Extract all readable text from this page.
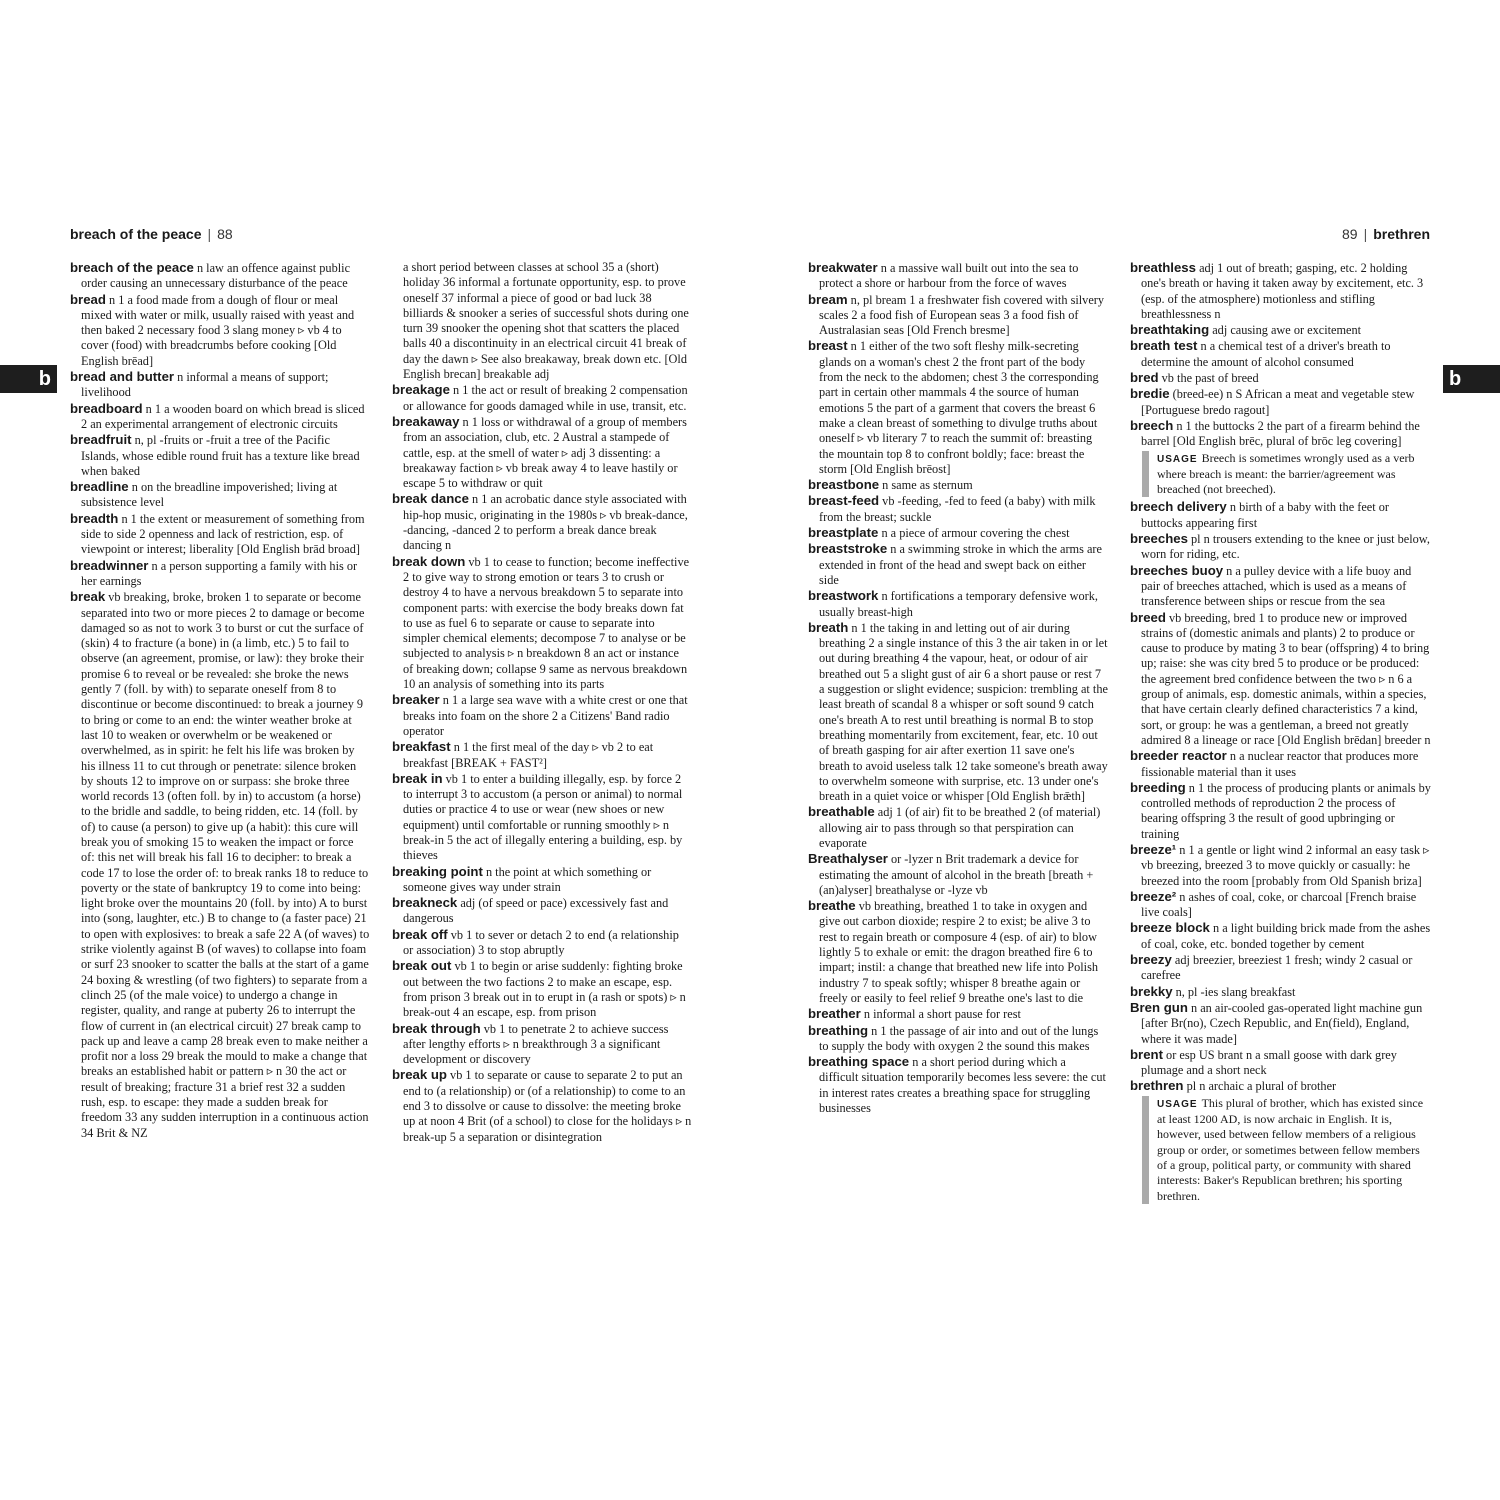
breach of the peace | 88	89 | brethren
b	b

breach of the peace n law an offence against public order causing an unnecessary disturbance of the peace

bread n 1 a food made from a dough of flour or meal mixed with water or milk, usually raised with yeast and then baked 2 necessary food 3 slang money ▹ vb 4 to cover (food) with breadcrumbs before cooking [Old English brēad]

bread and butter n informal a means of support; livelihood

breadboard n 1 a wooden board on which bread is sliced 2 an experimental arrangement of electronic circuits

breadfruit n, pl -fruits or -fruit a tree of the Pacific Islands, whose edible round fruit has a texture like bread when baked

breadline n on the breadline impoverished; living at subsistence level

breadth n 1 the extent or measurement of something from side to side 2 openness and lack of restriction, esp. of viewpoint or interest; liberality [Old English brād broad]

breadwinner n a person supporting a family with his or her earnings

break vb breaking, broke, broken 1 to separate or become separated into two or more pieces 2 to damage or become damaged so as not to work 3 to burst or cut the surface of (skin) 4 to fracture (a bone) in (a limb, etc.) 5 to fail to observe (an agreement, promise, or law): they broke their promise 6 to reveal or be revealed: she broke the news gently 7 (foll. by with) to separate oneself from 8 to discontinue or become discontinued: to break a journey 9 to bring or come to an end: the winter weather broke at last 10 to weaken or overwhelm or be weakened or overwhelmed, as in spirit: he felt his life was broken by his illness 11 to cut through or penetrate: silence broken by shouts 12 to improve on or surpass: she broke three world records 13 (often foll. by in) to accustom (a horse) to the bridle and saddle, to being ridden, etc. 14 (foll. by of) to cause (a person) to give up (a habit): this cure will break you of smoking 15 to weaken the impact or force of: this net will break his fall 16 to decipher: to break a code 17 to lose the order of: to break ranks 18 to reduce to poverty or the state of bankruptcy 19 to come into being: light broke over the mountains 20 (foll. by into) A to burst into (song, laughter, etc.) B to change to (a faster pace) 21 to open with explosives: to break a safe 22 A (of waves) to strike violently against B (of waves) to collapse into foam or surf 23 snooker to scatter the balls at the start of a game 24 boxing & wrestling (of two fighters) to separate from a clinch 25 (of the male voice) to undergo a change in register, quality, and range at puberty 26 to interrupt the flow of current in (an electrical circuit) 27 break camp to pack up and leave a camp 28 break even to make neither a profit nor a loss 29 break the mould to make a change that breaks an established habit or pattern ▹ n 30 the act or result of breaking; fracture 31 a brief rest 32 a sudden rush, esp. to escape: they made a sudden break for freedom 33 any sudden interruption in a continuous action 34 Brit & NZ

a short period between classes at school 35 a (short) holiday 36 informal a fortunate opportunity, esp. to prove oneself 37 informal a piece of good or bad luck 38 billiards & snooker a series of successful shots during one turn 39 snooker the opening shot that scatters the placed balls 40 a discontinuity in an electrical circuit 41 break of day the dawn ▹ See also breakaway, break down etc. [Old English brecan] breakable adj

breakage n 1 the act or result of breaking 2 compensation or allowance for goods damaged while in use, transit, etc.

breakaway n 1 loss or withdrawal of a group of members from an association, club, etc. 2 Austral a stampede of cattle, esp. at the smell of water ▹ adj 3 dissenting: a breakaway faction ▹ vb break away 4 to leave hastily or escape 5 to withdraw or quit

break dance n 1 an acrobatic dance style associated with hip-hop music, originating in the 1980s ▹ vb break-dance, -dancing, -danced 2 to perform a break dance break dancing n

break down vb 1 to cease to function; become ineffective 2 to give way to strong emotion or tears 3 to crush or destroy 4 to have a nervous breakdown 5 to separate into component parts: with exercise the body breaks down fat to use as fuel 6 to separate or cause to separate into simpler chemical elements; decompose 7 to analyse or be subjected to analysis ▹ n breakdown 8 an act or instance of breaking down; collapse 9 same as nervous breakdown 10 an analysis of something into its parts

breaker n 1 a large sea wave with a white crest or one that breaks into foam on the shore 2 a Citizens' Band radio operator

breakfast n 1 the first meal of the day ▹ vb 2 to eat breakfast [BREAK + FAST²]

break in vb 1 to enter a building illegally, esp. by force 2 to interrupt 3 to accustom (a person or animal) to normal duties or practice 4 to use or wear (new shoes or new equipment) until comfortable or running smoothly ▹ n break-in 5 the act of illegally entering a building, esp. by thieves

breaking point n the point at which something or someone gives way under strain

breakneck adj (of speed or pace) excessively fast and dangerous

break off vb 1 to sever or detach 2 to end (a relationship or association) 3 to stop abruptly

break out vb 1 to begin or arise suddenly: fighting broke out between the two factions 2 to make an escape, esp. from prison 3 break out in to erupt in (a rash or spots) ▹ n break-out 4 an escape, esp. from prison

break through vb 1 to penetrate 2 to achieve success after lengthy efforts ▹ n breakthrough 3 a significant development or discovery

break up vb 1 to separate or cause to separate 2 to put an end to (a relationship) or (of a relationship) to come to an end 3 to dissolve or cause to dissolve: the meeting broke up at noon 4 Brit (of a school) to close for the holidays ▹ n break-up 5 a separation or disintegration

breakwater n a massive wall built out into the sea to protect a shore or harbour from the force of waves

bream n, pl bream 1 a freshwater fish covered with silvery scales 2 a food fish of European seas 3 a food fish of Australasian seas [Old French bresme]

breast n 1 either of the two soft fleshy milk-secreting glands on a woman's chest 2 the front part of the body from the neck to the abdomen; chest 3 the corresponding part in certain other mammals 4 the source of human emotions 5 the part of a garment that covers the breast 6 make a clean breast of something to divulge truths about oneself ▹ vb literary 7 to reach the summit of: breasting the mountain top 8 to confront boldly; face: breast the storm [Old English brēost]

breastbone n same as sternum

breast-feed vb -feeding, -fed to feed (a baby) with milk from the breast; suckle

breastplate n a piece of armour covering the chest

breaststroke n a swimming stroke in which the arms are extended in front of the head and swept back on either side

breastwork n fortifications a temporary defensive work, usually breast-high

breath n 1 the taking in and letting out of air during breathing 2 a single instance of this 3 the air taken in or let out during breathing 4 the vapour, heat, or odour of air breathed out 5 a slight gust of air 6 a short pause or rest 7 a suggestion or slight evidence; suspicion: trembling at the least breath of scandal 8 a whisper or soft sound 9 catch one's breath A to rest until breathing is normal B to stop breathing momentarily from excitement, fear, etc. 10 out of breath gasping for air after exertion 11 save one's breath to avoid useless talk 12 take someone's breath away to overwhelm someone with surprise, etc. 13 under one's breath in a quiet voice or whisper [Old English brǣth]

breathable adj 1 (of air) fit to be breathed 2 (of material) allowing air to pass through so that perspiration can evaporate

Breathalyser or -lyzer n Brit trademark a device for estimating the amount of alcohol in the breath [breath + (an)alyser] breathalyse or -lyze vb

breathe vb breathing, breathed 1 to take in oxygen and give out carbon dioxide; respire 2 to exist; be alive 3 to rest to regain breath or composure 4 (esp. of air) to blow lightly 5 to exhale or emit: the dragon breathed fire 6 to impart; instil: a change that breathed new life into Polish industry 7 to speak softly; whisper 8 breathe again or freely or easily to feel relief 9 breathe one's last to die

breather n informal a short pause for rest

breathing n 1 the passage of air into and out of the lungs to supply the body with oxygen 2 the sound this makes

breathing space n a short period during which a difficult situation temporarily becomes less severe: the cut in interest rates creates a breathing space for struggling businesses

breathless adj 1 out of breath; gasping, etc. 2 holding one's breath or having it taken away by excitement, etc. 3 (esp. of the atmosphere) motionless and stifling breathlessness n

breathtaking adj causing awe or excitement

breath test n a chemical test of a driver's breath to determine the amount of alcohol consumed

bred vb the past of breed

bredie (breed-ee) n S African a meat and vegetable stew [Portuguese bredo ragout]

breech n 1 the buttocks 2 the part of a firearm behind the barrel [Old English brēc, plural of brōc leg covering]

USAGE Breech is sometimes wrongly used as a verb where breach is meant: the barrier/agreement was breached (not breeched).

breech delivery n birth of a baby with the feet or buttocks appearing first

breeches pl n trousers extending to the knee or just below, worn for riding, etc.

breeches buoy n a pulley device with a life buoy and pair of breeches attached, which is used as a means of transference between ships or rescue from the sea

breed vb breeding, bred 1 to produce new or improved strains of (domestic animals and plants) 2 to produce or cause to produce by mating 3 to bear (offspring) 4 to bring up; raise: she was city bred 5 to produce or be produced: the agreement bred confidence between the two ▹ n 6 a group of animals, esp. domestic animals, within a species, that have certain clearly defined characteristics 7 a kind, sort, or group: he was a gentleman, a breed not greatly admired 8 a lineage or race [Old English brēdan] breeder n

breeder reactor n a nuclear reactor that produces more fissionable material than it uses

breeding n 1 the process of producing plants or animals by controlled methods of reproduction 2 the process of bearing offspring 3 the result of good upbringing or training

breeze¹ n 1 a gentle or light wind 2 informal an easy task ▹ vb breezing, breezed 3 to move quickly or casually: he breezed into the room [probably from Old Spanish briza]

breeze² n ashes of coal, coke, or charcoal [French braise live coals]

breeze block n a light building brick made from the ashes of coal, coke, etc. bonded together by cement

breezy adj breezier, breeziest 1 fresh; windy 2 casual or carefree

brekky n, pl -ies slang breakfast

Bren gun n an air-cooled gas-operated light machine gun [after Br(no), Czech Republic, and En(field), England, where it was made]

brent or esp US brant n a small goose with dark grey plumage and a short neck

brethren pl n archaic a plural of brother

USAGE This plural of brother, which has existed since at least 1200 AD, is now archaic in English. It is, however, used between fellow members of a religious group or order, or sometimes between fellow members of a group, political party, or community with shared interests: Baker's Republican brethren; his sporting brethren.
